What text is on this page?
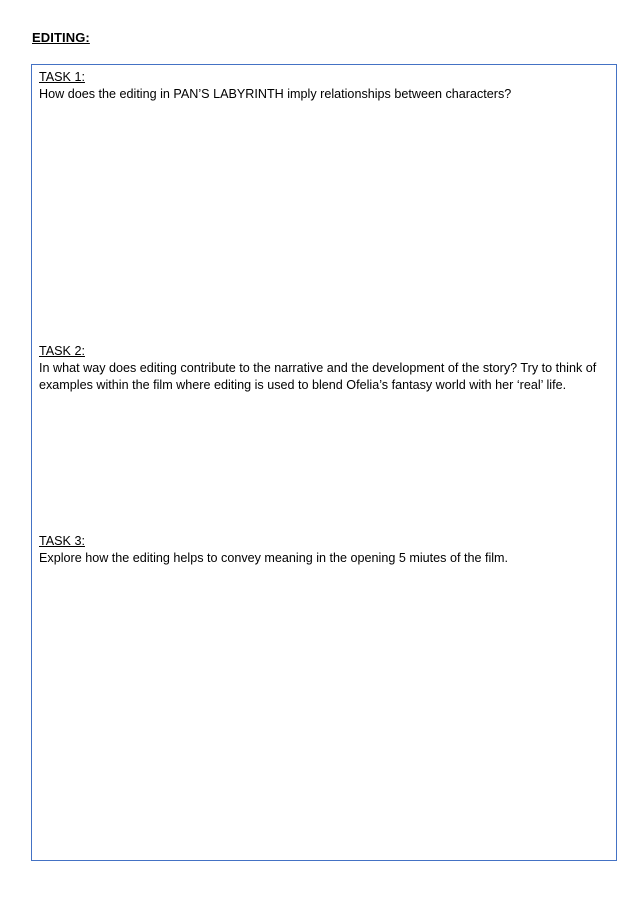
EDITING:
TASK 1:
How does the editing in PAN’S LABYRINTH imply relationships between characters?
TASK 2:
In what way does editing contribute to the narrative and the development of the story? Try to think of examples within the film where editing is used to blend Ofelia’s fantasy world with her ‘real’ life.
TASK 3:
Explore how the editing helps to convey meaning in the opening 5 miutes of the film.
